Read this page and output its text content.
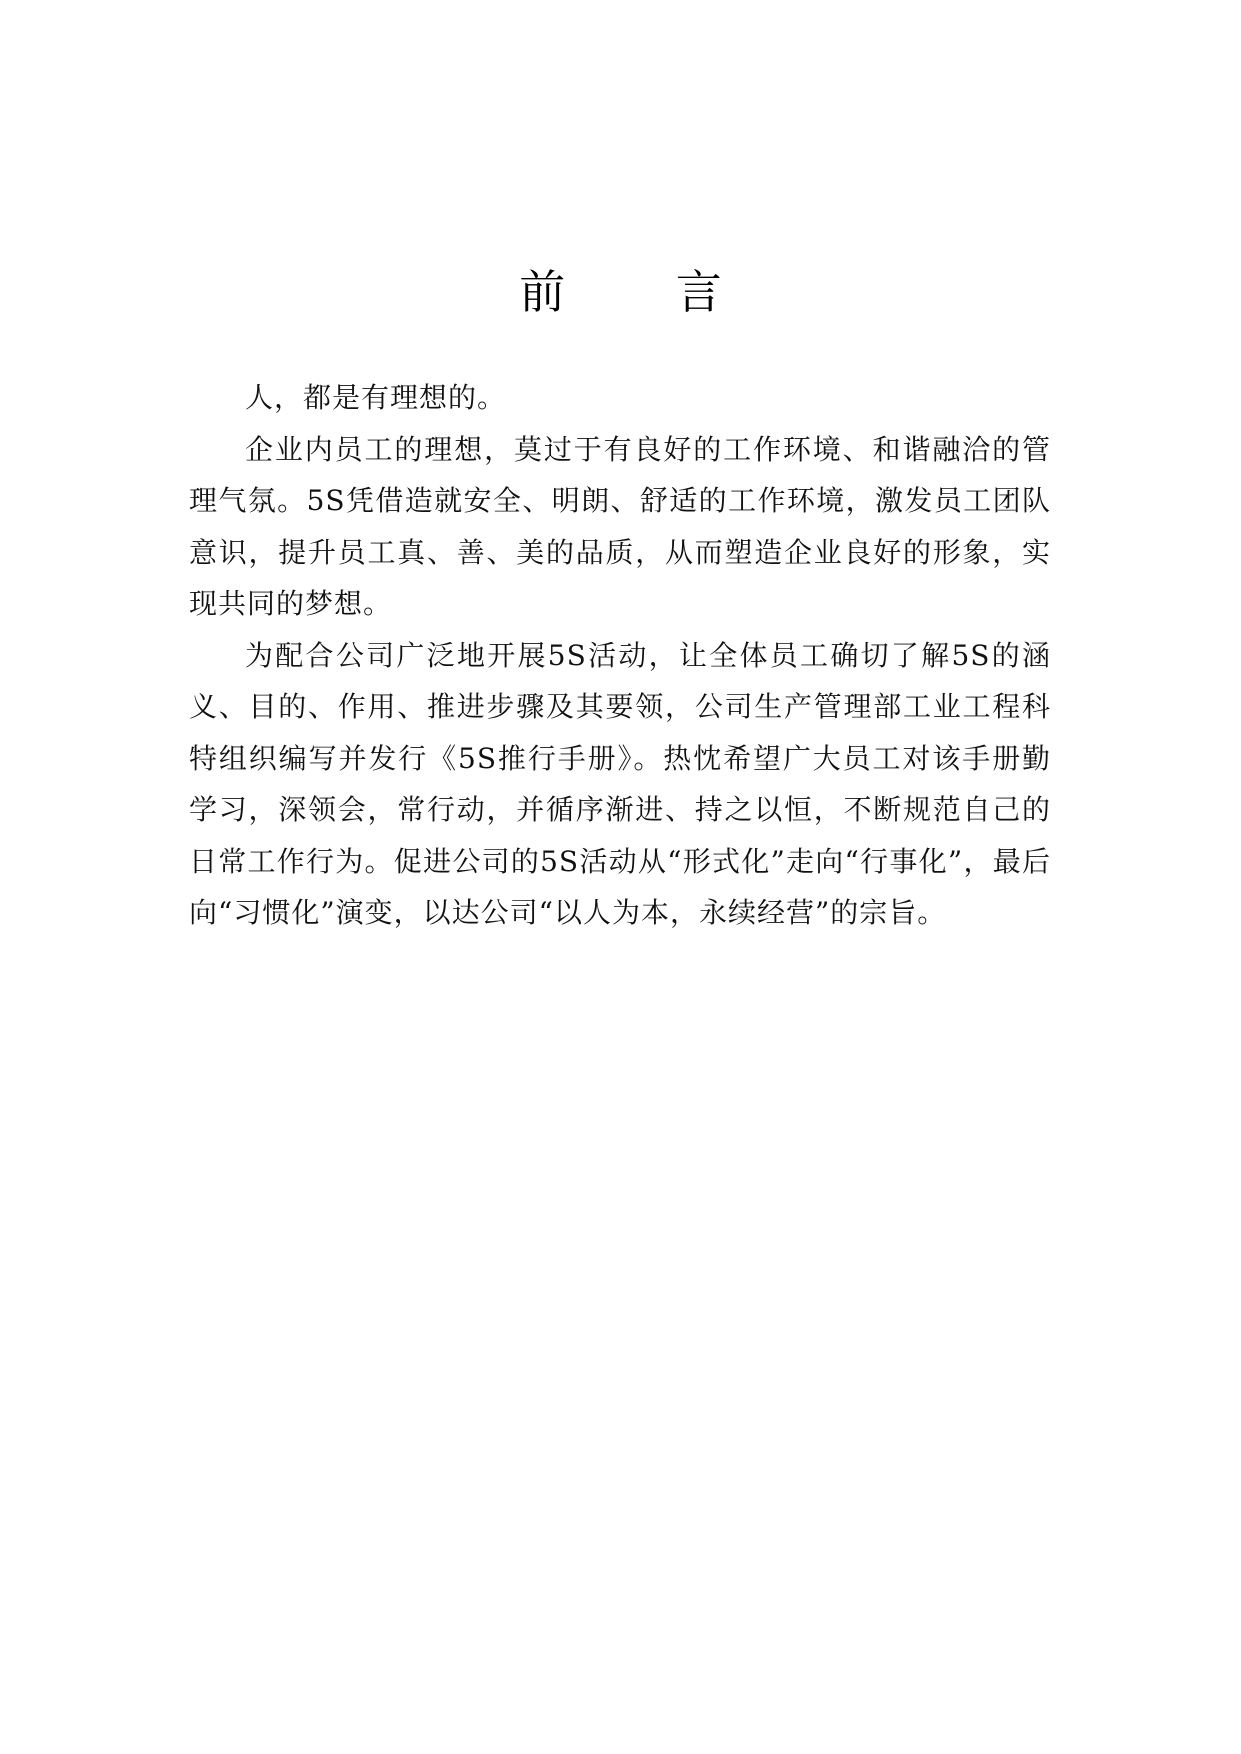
前 言

人，都是有理想的。

企业内员工的理想，莫过于有良好的工作环境、和谐融洽的管理气氛。5S凭借造就安全、明朗、舒适的工作环境，激发员工团队意识，提升员工真、善、美的品质，从而塑造企业良好的形象，实现共同的梦想。

为配合公司广泛地开展5S活动，让全体员工确切了解5S的涵义、目的、作用、推进步骤及其要领，公司生产管理部工业工程科特组织编写并发行《5S推行手册》。热忱希望广大员工对该手册勤学习，深领会，常行动，并循序渐进、持之以恒，不断规范自己的日常工作行为。促进公司的5S活动从“形式化”走向“行事化”，最后向“习惯化”演变，以达公司“以人为本，永续经营”的宗旨。
